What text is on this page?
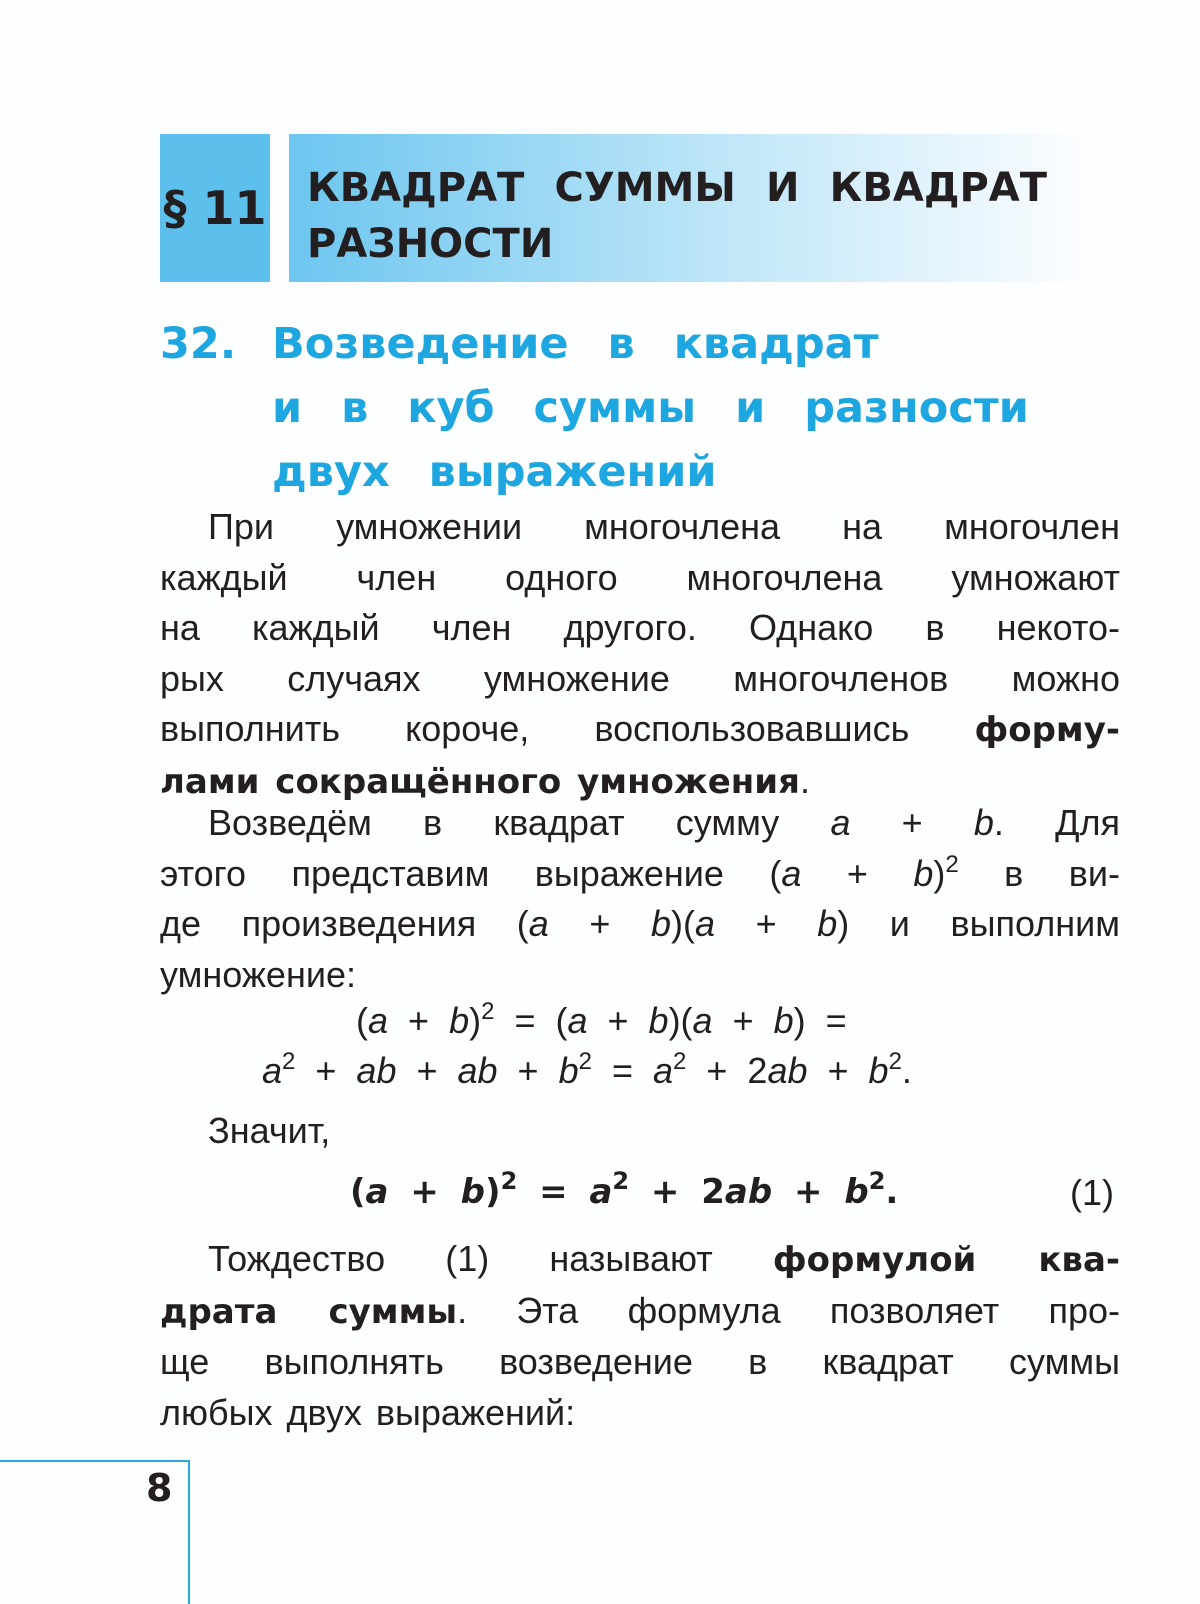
§ 11 КВАДРАТ СУММЫ И КВАДРАТ РАЗНОСТИ
32. Возведение в квадрат
и в куб суммы и разности
двух выражений
При умножении многочлена на многочлен
каждый член одного многочлена умножают
на каждый член другого. Однако в некото-
рых случаях умножение многочленов можно
выполнить короче, воспользовавшись форму-
лами сокращённого умножения.
Возведём в квадрат сумму a + b. Для
этого представим выражение $(a + b)^2$ в ви-
де произведения (a + b)(a + b) и выполним
умножение:
$(a + b)^2 = (a + b)(a + b)$ =
$a^2$ + ab + ab + $b^2 = a^2 + 2ab + b^2$.
Значит,
$(a + b)^2 = a^2 + 2ab + b^2$.	(1)
Тождество (1) называют формулой ква-
драта суммы. Эта формула позволяет про-
ще выполнять возведение в квадрат суммы
любых двух выражений:
8
